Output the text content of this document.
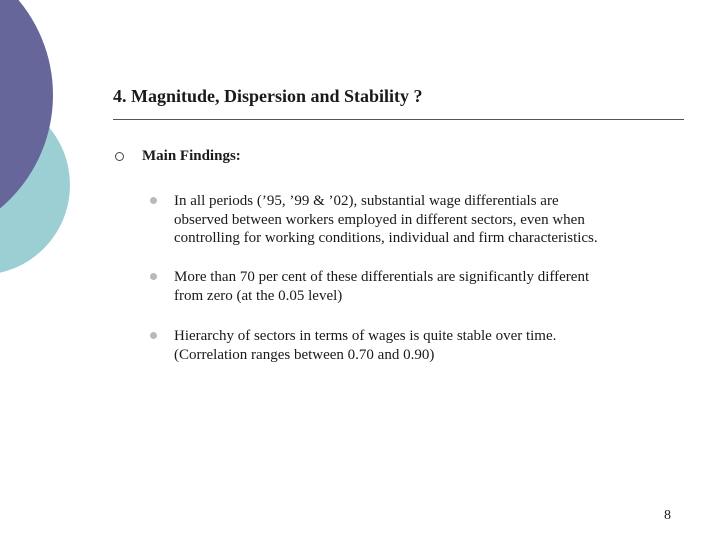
4. Magnitude, Dispersion and Stability ?
Main Findings:
In all periods (’95, ’99 & ’02), substantial wage differentials are
observed between workers employed in different sectors, even when
controlling for working conditions, individual and firm characteristics.
More than 70 per cent of these differentials are significantly different
from zero (at the 0.05 level)
Hierarchy of sectors in terms of wages is quite stable over time.
(Correlation ranges between 0.70 and 0.90)
8
